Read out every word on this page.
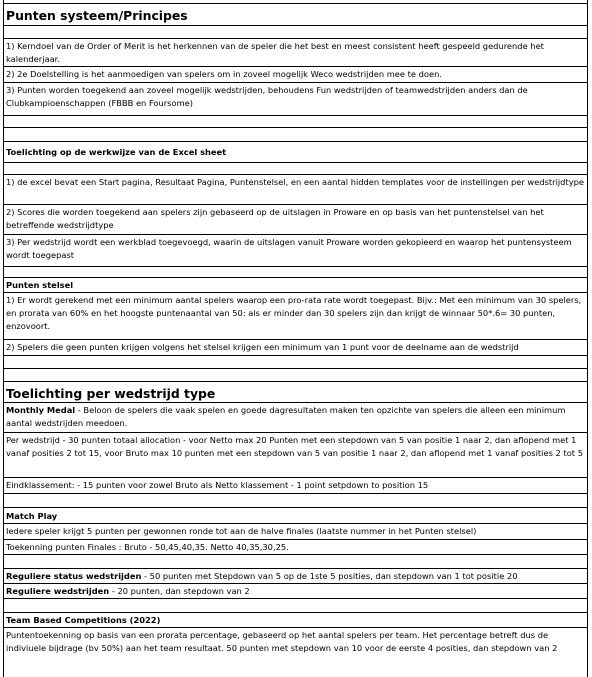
Punten systeem/Principes
1) Kerndoel van de Order of Merit is het herkennen van de speler die het best en meest consistent heeft gespeeld gedurende het kalenderjaar.
2) 2e Doelstelling is het aanmoedigen van spelers om in zoveel mogelijk Weco wedstrijden mee te doen.
3) Punten worden toegekend aan zoveel mogelijk wedstrijden, behoudens Fun wedstrijden of teamwedstrijden anders dan de Clubkampioenschappen (FBBB en Foursome)
Toelichting op de werkwijze van de Excel sheet
1) de excel bevat een Start pagina, Resultaat Pagina, Puntenstelsel, en een aantal hidden templates voor de instellingen per wedstrijdtype
2) Scores die worden toegekend aan spelers zijn gebaseerd op de uitslagen in Proware en op basis van het puntenstelsel van het betreffende wedstrijdtype
3) Per wedstrijd wordt een werkblad toegevoegd, waarin de uitslagen vanuit Proware worden gekopieerd en waarop het puntensysteem wordt toegepast
Punten stelsel
1) Er wordt gerekend met een minimum aantal spelers waarop een pro-rata rate wordt toegepast. Bijv.: Met een minimum van 30 spelers, en prorata van 60% en het hoogste puntenaantal van 50: als er minder dan 30 spelers zijn dan krijgt de winnaar 50*.6= 30 punten, enzovoort.
2) Spelers die geen punten krijgen volgens het stelsel krijgen een minimum van 1 punt voor de deelname aan de wedstrijd
Toelichting per wedstrijd type
Monthly Medal - Beloon de spelers die vaak spelen en goede dagresultaten maken ten opzichte van spelers die alleen een minimum aantal wedstrijden meedoen.
Per wedstrijd - 30 punten totaal allocation - voor Netto max 20 Punten met een stepdown van 5 van positie 1 naar 2, dan aflopend met 1 vanaf posities 2 tot 15, voor Bruto max 10 punten met een stepdown van 5 van positie 1 naar 2, dan aflopend met 1 vanaf posities 2 tot 5
Eindklassement: - 15 punten voor zowel Bruto als Netto klassement - 1 point setpdown to position 15
Match Play
Iedere speler krijgt 5 punten per gewonnen ronde tot aan de halve finales (laatste nummer in het Punten stelsel)
Toekenning punten Finales : Bruto - 50,45,40,35. Netto 40,35,30,25.
Reguliere status wedstrijden - 50 punten met Stepdown van 5 op de 1ste 5 posities, dan stepdown van 1 tot positie 20
Reguliere wedstrijden - 20 punten, dan stepdown van 2
Team Based Competitions (2022)
Puntentoekenning op basis van een prorata percentage, gebaseerd op het aantal spelers per team. Het percentage betreft dus de indiviuele bijdrage (bv 50%) aan het team resultaat. 50 punten met stepdown van 10 voor de eerste 4 posities, dan stepdown van 2
